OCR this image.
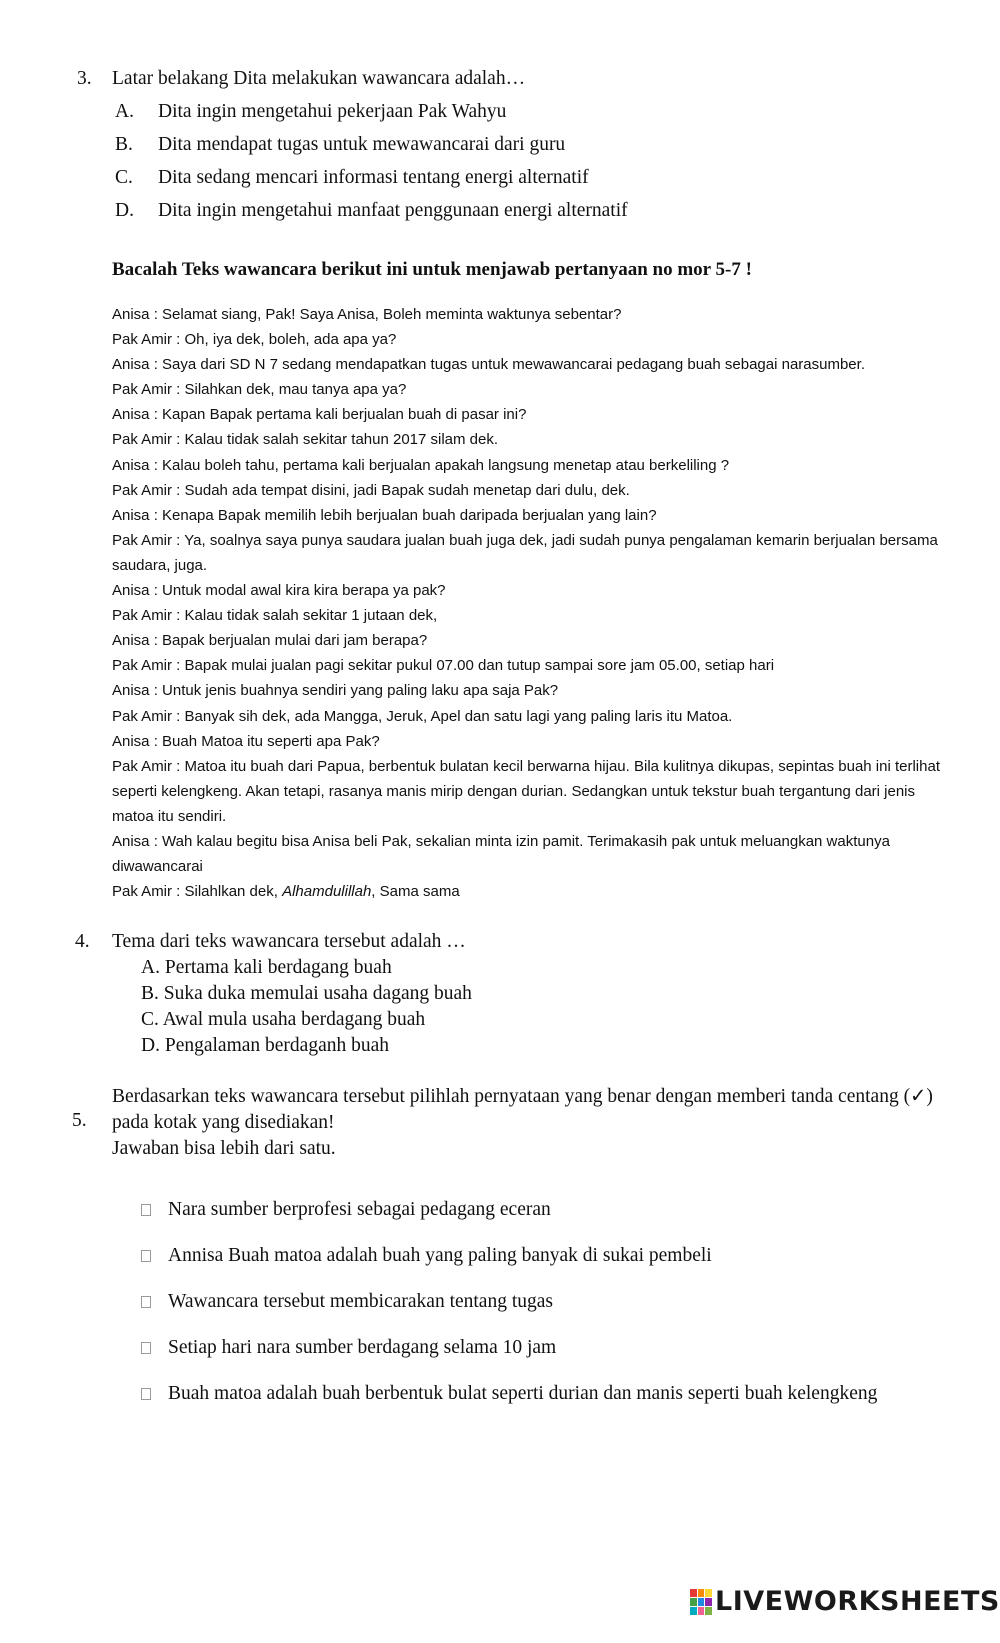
3. Latar belakang Dita melakukan wawancara adalah…
A. Dita ingin mengetahui pekerjaan Pak Wahyu
B. Dita mendapat tugas untuk mewawancarai dari guru
C. Dita sedang mencari informasi tentang energi alternatif
D. Dita ingin mengetahui manfaat penggunaan energi alternatif
Bacalah Teks wawancara berikut ini untuk menjawab pertanyaan no mor 5-7 !
Anisa : Selamat siang, Pak! Saya Anisa, Boleh meminta waktunya sebentar?
Pak Amir : Oh, iya dek, boleh, ada apa ya?
Anisa : Saya dari SD N 7 sedang mendapatkan tugas untuk mewawancarai pedagang buah sebagai narasumber.
Pak Amir : Silahkan dek, mau tanya apa ya?
Anisa : Kapan Bapak pertama kali berjualan buah di pasar ini?
Pak Amir : Kalau tidak salah sekitar tahun 2017 silam dek.
Anisa : Kalau boleh tahu, pertama kali berjualan apakah langsung menetap atau berkeliling ?
Pak Amir : Sudah ada tempat disini, jadi Bapak sudah menetap dari dulu, dek.
Anisa : Kenapa Bapak memilih lebih berjualan buah daripada berjualan yang lain?
Pak Amir : Ya, soalnya saya punya saudara jualan buah juga dek, jadi sudah punya pengalaman kemarin berjualan bersama saudara, juga.
Anisa : Untuk modal awal kira kira berapa ya pak?
Pak Amir : Kalau tidak salah sekitar 1 jutaan dek,
Anisa : Bapak berjualan mulai dari jam berapa?
Pak Amir : Bapak mulai jualan pagi sekitar pukul 07.00 dan tutup sampai sore jam 05.00, setiap hari
Anisa : Untuk jenis buahnya sendiri yang paling laku apa saja Pak?
Pak Amir : Banyak sih dek, ada Mangga, Jeruk, Apel dan satu lagi yang paling laris itu Matoa.
Anisa : Buah Matoa itu seperti apa Pak?
Pak Amir : Matoa itu buah dari Papua, berbentuk bulatan kecil berwarna hijau. Bila kulitnya dikupas, sepintas buah ini terlihat seperti kelengkeng. Akan tetapi, rasanya manis mirip dengan durian. Sedangkan untuk tekstur buah tergantung dari jenis matoa itu sendiri.
Anisa : Wah kalau begitu bisa Anisa beli Pak, sekalian minta izin pamit. Terimakasih pak untuk meluangkan waktunya diwawancarai
Pak Amir : Silahlkan dek, Alhamdulillah, Sama sama
4. Tema dari teks wawancara tersebut adalah …
A. Pertama kali berdagang buah
B. Suka duka memulai usaha dagang buah
C. Awal mula usaha berdagang buah
D. Pengalaman berdaganh buah
Berdasarkan teks wawancara tersebut pilihlah pernyataan yang benar dengan memberi tanda centang (✓) pada kotak yang disediakan!
Jawaban bisa lebih dari satu.
5.
Nara sumber berprofesi sebagai pedagang eceran
Annisa Buah matoa adalah buah yang paling banyak di sukai pembeli
Wawancara tersebut membicarakan tentang tugas
Setiap hari nara sumber berdagang selama 10 jam
Buah matoa adalah buah berbentuk bulat seperti durian dan manis seperti buah kelengkeng
LIVEWORKSHEETS
